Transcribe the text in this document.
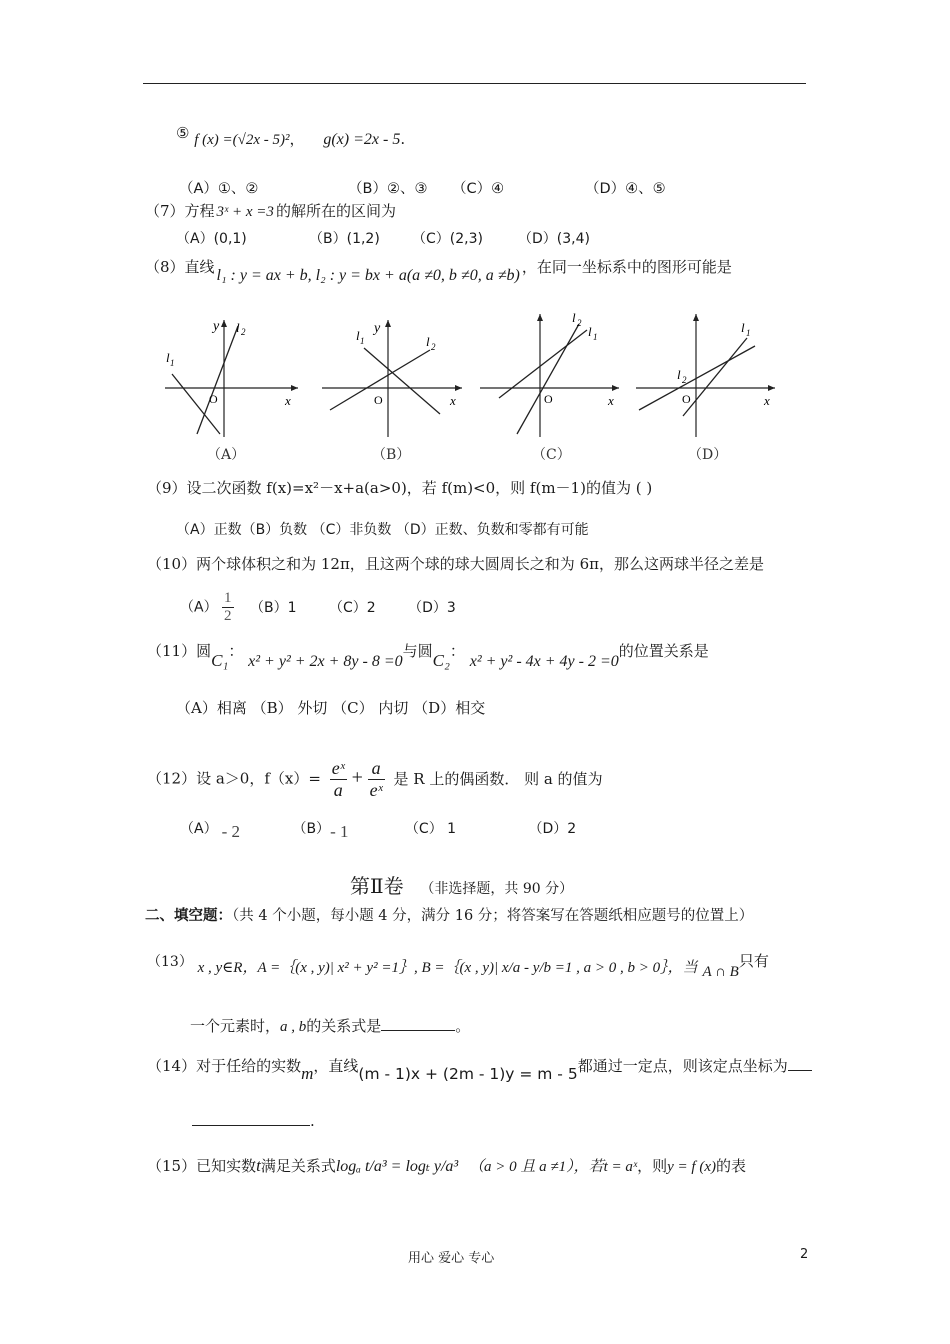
⑤ f (x) =(√2x - 5)²， g(x) =2x - 5.
（A）①、②	（B）②、③ （C）④	（D）④、⑤
（7）方程 3ˣ + x =3 的解所在的区间为
（A）(0,1)	（B）(1,2) （C）(2,3)	（D）(3,4)
（8）直线 l₁ : y = ax + b, l₂ : y = bx + a(a ≠0, b ≠0, a ≠b) ，在同一坐标系中的图形可能是
y l 2
l 1
O	x
（A）
y
l 1	l 2
O	x
（B）
l 2
l 1
O	x
（C）
l 1
l 2
O	x
（D）
（9）设二次函数 f(x)=x²－x+a(a>0)，若 f(m)<0，则 f(m－1)的值为 ( )
（A）正数（B）负数 （C）非负数 （D）正数、负数和零都有可能
（10）两个球体积之和为 12π，且这两个球的球大圆周长之和为 6π，那么这两球半径之差是
$(A) \frac{1}{2} (B)1$ （C）2 （D）3
（11）圆C₁： x² + y² + 2x + 8y - 8 =0与圆C₂： x² + y² - 4x + 4y - 2 =0的位置关系是
（A）相离 （B） 外切 （C） 内切 （D）相交
（12）设 a＞0，$f(x)= \frac{\text{eˣ}}{a} + \frac{a}{\text{eˣ}}$ 是 R 上的偶函数． 则 a 的值为
（A） - 2	（B）- 1	（C） 1	（D）2
第Ⅱ卷 （非选择题，共 90 分）
二、填空题：（共 4 个小题，每小题 4 分，满分 16 分；将答案写在答题纸相应题号的位置上）
（13） x , y∈R，A =｛(x , y)| x² + y² =1｝, B =｛(x , y)| x/a - y/b =1 , a > 0 , b > 0｝，当 A ∩ B只有
一个元素时，a , b的关系式是	。
（14）对于任给的实数m，直线(m - 1)x + (2m - 1)y = m - 5都通过一定点，则该定点坐标为
.
（15）已知实数t满足关系式logₐ t/a³ = logₜ y/a³ （a > 0 且 a ≠1），若t = aˣ，则y = f (x)的表
用心 爱心 专心	2
